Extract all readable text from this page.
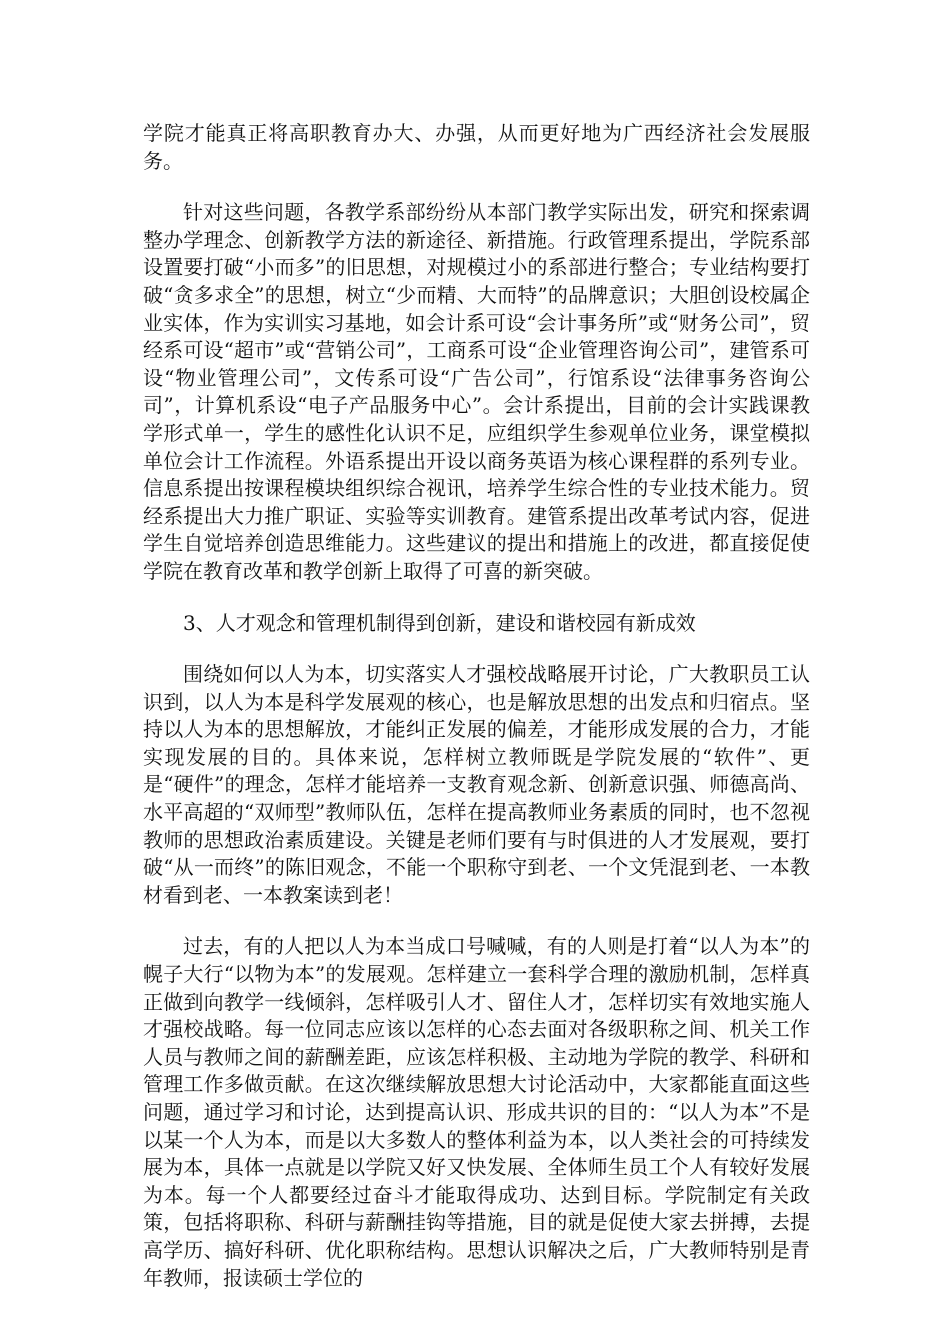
学院才能真正将高职教育办大、办强，从而更好地为广西经济社会发展服务。

针对这些问题，各教学系部纷纷从本部门教学实际出发，研究和探索调整办学理念、创新教学方法的新途径、新措施。行政管理系提出，学院系部设置要打破“小而多”的旧思想，对规模过小的系部进行整合；专业结构要打破“贪多求全”的思想，树立“少而精、大而特”的品牌意识；大胆创设校属企业实体，作为实训实习基地，如会计系可设“会计事务所”或“财务公司”，贸经系可设“超市”或“营销公司”，工商系可设“企业管理咨询公司”，建管系可设“物业管理公司”，文传系可设“广告公司”，行馆系设“法律事务咨询公司”，计算机系设“电子产品服务中心”。会计系提出，目前的会计实践课教学形式单一，学生的感性化认识不足，应组织学生参观单位业务，课堂模拟单位会计工作流程。外语系提出开设以商务英语为核心课程群的系列专业。信息系提出按课程模块组织综合视讯，培养学生综合性的专业技术能力。贸经系提出大力推广职证、实验等实训教育。建管系提出改革考试内容，促进学生自觉培养创造思维能力。这些建议的提出和措施上的改进，都直接促使学院在教育改革和教学创新上取得了可喜的新突破。

3、人才观念和管理机制得到创新，建设和谐校园有新成效

围绕如何以人为本，切实落实人才强校战略展开讨论，广大教职员工认识到，以人为本是科学发展观的核心，也是解放思想的出发点和归宿点。坚持以人为本的思想解放，才能纠正发展的偏差，才能形成发展的合力，才能实现发展的目的。具体来说，怎样树立教师既是学院发展的“软件”、更是“硬件”的理念，怎样才能培养一支教育观念新、创新意识强、师德高尚、水平高超的“双师型”教师队伍，怎样在提高教师业务素质的同时，也不忽视教师的思想政治素质建设。关键是老师们要有与时俱进的人才发展观，要打破“从一而终”的陈旧观念，不能一个职称守到老、一个文凭混到老、一本教材看到老、一本教案读到老！

过去，有的人把以人为本当成口号喊喊，有的人则是打着“以人为本”的幌子大行“以物为本”的发展观。怎样建立一套科学合理的激励机制，怎样真正做到向教学一线倾斜，怎样吸引人才、留住人才，怎样切实有效地实施人才强校战略。每一位同志应该以怎样的心态去面对各级职称之间、机关工作人员与教师之间的薪酬差距，应该怎样积极、主动地为学院的教学、科研和管理工作多做贡献。在这次继续解放思想大讨论活动中，大家都能直面这些问题，通过学习和讨论，达到提高认识、形成共识的目的：“以人为本”不是以某一个人为本，而是以大多数人的整体利益为本，以人类社会的可持续发展为本，具体一点就是以学院又好又快发展、全体师生员工个人有较好发展为本。每一个人都要经过奋斗才能取得成功、达到目标。学院制定有关政策，包括将职称、科研与薪酬挂钩等措施，目的就是促使大家去拼搏，去提高学历、搞好科研、优化职称结构。思想认识解决之后，广大教师特别是青年教师，报读硕士学位的
